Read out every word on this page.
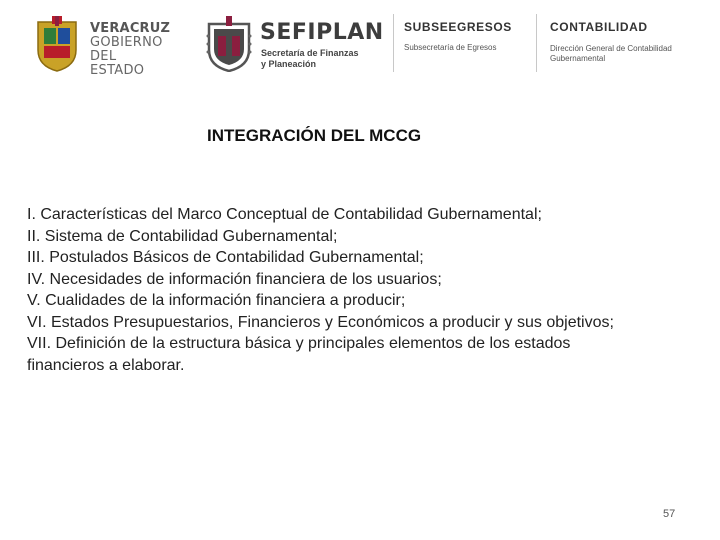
VERACRUZ
GOBIERNO
DEL ESTADO
SEFIPLAN
Secretaría de Finanzas
y Planeación
SUBSEEGRESOS
Subsecretaría de Egresos
CONTABILIDAD
Dirección General de Contabilidad
Gubernamental
INTEGRACIÓN DEL MCCG
I. Características del Marco Conceptual de Contabilidad Gubernamental;
II. Sistema de Contabilidad Gubernamental;
III. Postulados Básicos de Contabilidad Gubernamental;
IV. Necesidades de información financiera de los usuarios;
V. Cualidades de la información financiera a producir;
VI. Estados Presupuestarios, Financieros y Económicos a producir y sus objetivos;
VII. Definición de la estructura básica y principales elementos de los estados financieros a elaborar.
57
